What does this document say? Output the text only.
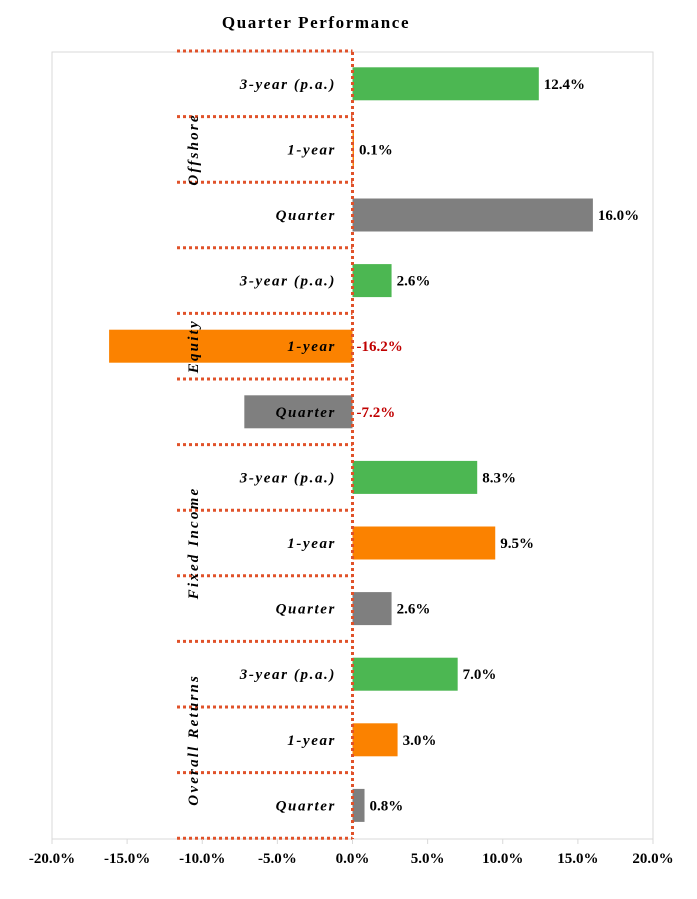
Quarter Performance
-20.0% -15.0% -10.0% -5.0%	0.0%	5.0%	10.0% 15.0% 20.0%
3-year (p.a.)	12.4%
1-year 0.1%
Quarter	16.0%
3-year (p.a.)	2.6%
1-year -16.2%
Quarter -7.2%
3-year (p.a.)	8.3%
1-year	9.5%
Quarter	2.6%
3-year (p.a.)	7.0%
1-year	3.0%
Quarter 0.8%
Offshore
Equity
Fixed Income
Overall Returns
